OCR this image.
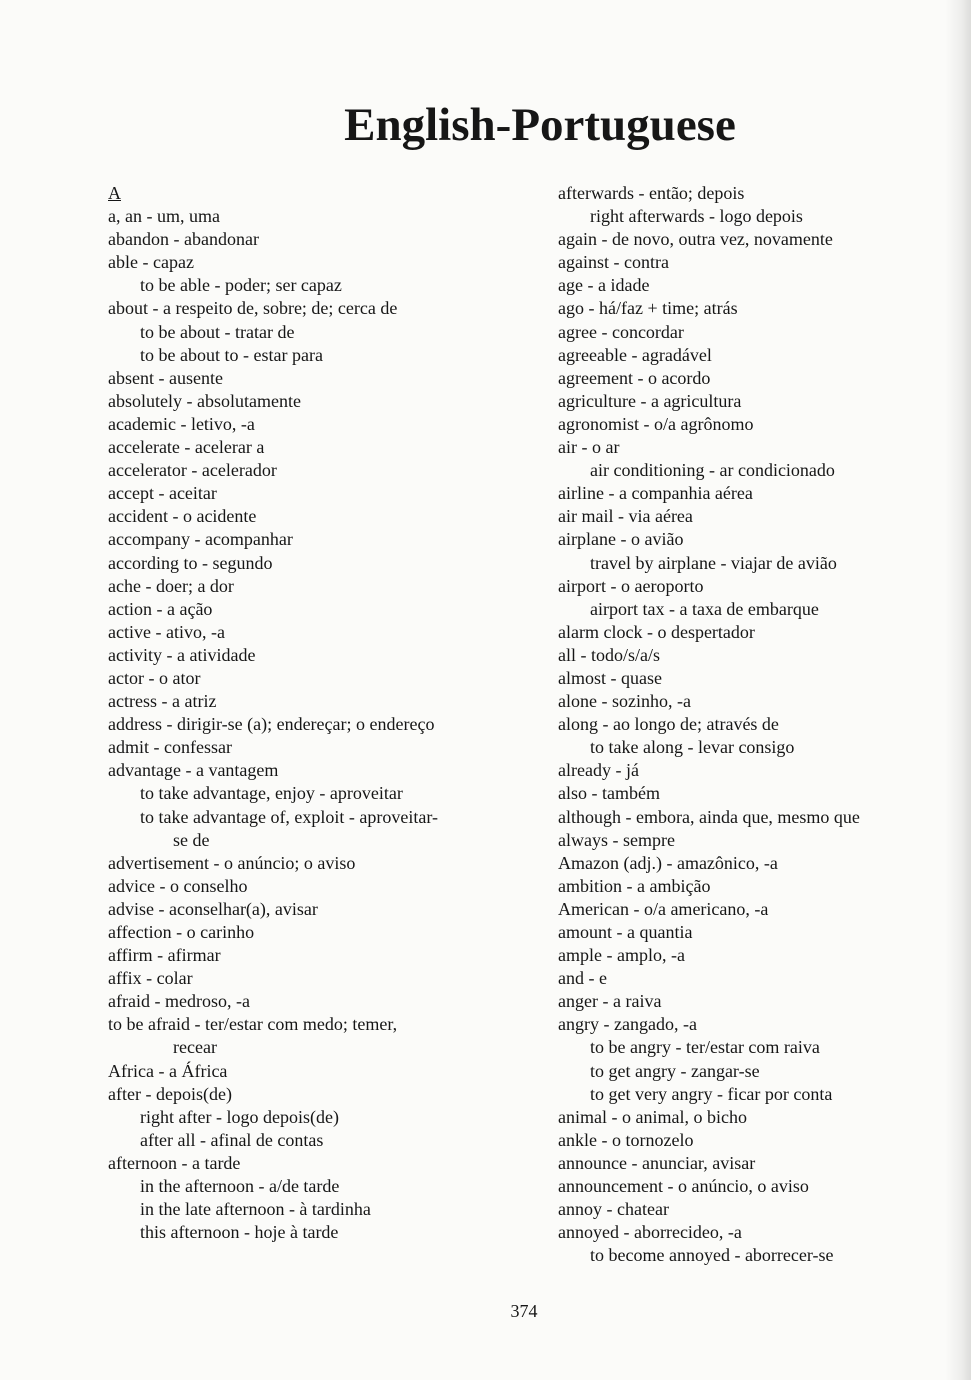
English-Portuguese
A
a, an - um, uma
abandon - abandonar
able - capaz
to be able - poder; ser capaz
about - a respeito de, sobre; de; cerca de
to be about - tratar de
to be about to - estar para
absent - ausente
absolutely - absolutamente
academic - letivo, -a
accelerate - acelerar a
accelerator - acelerador
accept - aceitar
accident - o acidente
accompany - acompanhar
according to - segundo
ache - doer; a dor
action - a ação
active - ativo, -a
activity - a atividade
actor - o ator
actress - a atriz
address - dirigir-se (a); endereçar; o endereço
admit - confessar
advantage - a vantagem
to take advantage, enjoy - aproveitar
to take advantage of, exploit - aproveitar-
se de
advertisement - o anúncio; o aviso
advice - o conselho
advise - aconselhar(a), avisar
affection - o carinho
affirm - afirmar
affix - colar
afraid - medroso, -a
to be afraid - ter/estar com medo; temer,
recear
Africa - a África
after - depois(de)
right after - logo depois(de)
after all - afinal de contas
afternoon - a tarde
in the afternoon - a/de tarde
in the late afternoon - à tardinha
this afternoon - hoje à tarde
afterwards - então; depois
right afterwards - logo depois
again - de novo, outra vez, novamente
against - contra
age - a idade
ago - há/faz + time; atrás
agree - concordar
agreeable - agradável
agreement - o acordo
agriculture - a agricultura
agronomist - o/a agrônomo
air - o ar
air conditioning - ar condicionado
airline - a companhia aérea
air mail - via aérea
airplane - o avião
travel by airplane - viajar de avião
airport - o aeroporto
airport tax - a taxa de embarque
alarm clock - o despertador
all - todo/s/a/s
almost - quase
alone - sozinho, -a
along - ao longo de; através de
to take along - levar consigo
already - já
also - também
although - embora, ainda que, mesmo que
always - sempre
Amazon (adj.) - amazônico, -a
ambition - a ambição
American - o/a americano, -a
amount - a quantia
ample - amplo, -a
and - e
anger - a raiva
angry - zangado, -a
to be angry - ter/estar com raiva
to get angry - zangar-se
to get very angry - ficar por conta
animal - o animal, o bicho
ankle - o tornozelo
announce - anunciar, avisar
announcement - o anúncio, o aviso
annoy - chatear
annoyed - aborrecideo, -a
to become annoyed - aborrecer-se
374
